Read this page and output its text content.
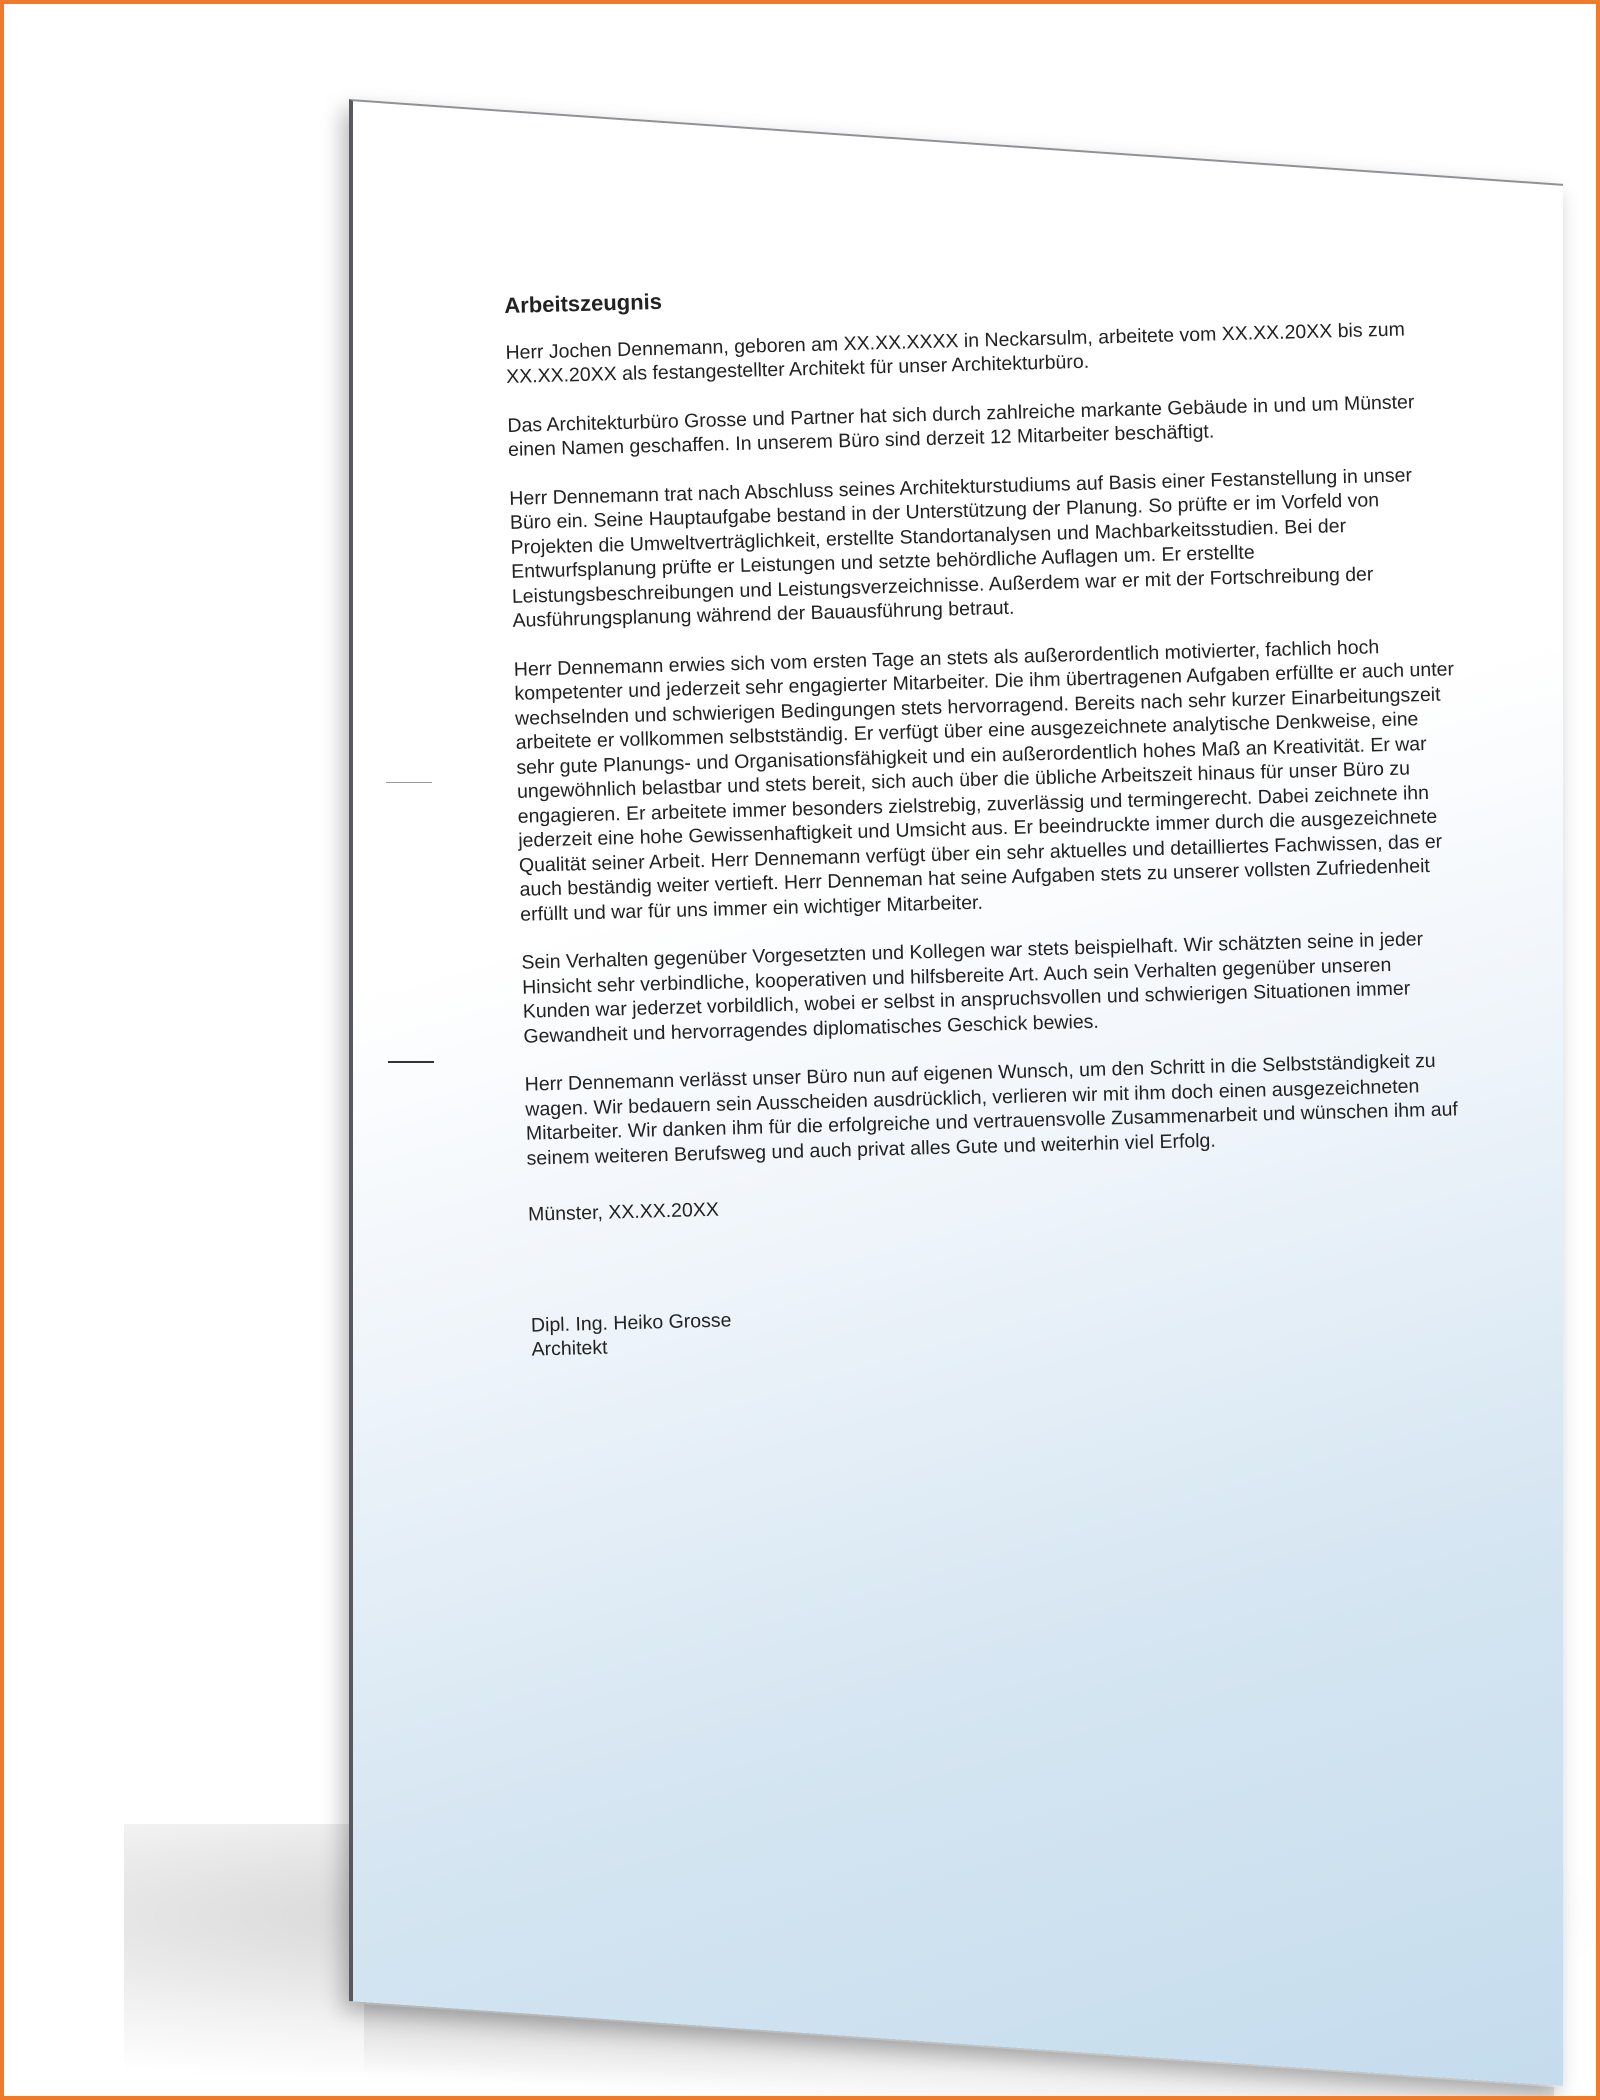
Arbeitszeugnis

Herr Jochen Dennemann, geboren am XX.XX.XXXX in Neckarsulm, arbeitete vom XX.XX.20XX bis zum XX.XX.20XX als festangestellter Architekt für unser Architekturbüro.

Das Architekturbüro Grosse und Partner hat sich durch zahlreiche markante Gebäude in und um Münster einen Namen geschaffen. In unserem Büro sind derzeit 12 Mitarbeiter beschäftigt.

Herr Dennemann trat nach Abschluss seines Architekturstudiums auf Basis einer Festanstellung in unser Büro ein. Seine Hauptaufgabe bestand in der Unterstützung der Planung. So prüfte er im Vorfeld von Projekten die Umweltverträglichkeit, erstellte Standortanalysen und Machbarkeitsstudien. Bei der Entwurfsplanung prüfte er Leistungen und setzte behördliche Auflagen um. Er erstellte Leistungsbeschreibungen und Leistungsverzeichnisse. Außerdem war er mit der Fortschreibung der Ausführungsplanung während der Bauausführung betraut.

Herr Dennemann erwies sich vom ersten Tage an stets als außerordentlich motivierter, fachlich hoch kompetenter und jederzeit sehr engagierter Mitarbeiter. Die ihm übertragenen Aufgaben erfüllte er auch unter wechselnden und schwierigen Bedingungen stets hervorragend. Bereits nach sehr kurzer Einarbeitungszeit arbeitete er vollkommen selbstständig. Er verfügt über eine ausgezeichnete analytische Denkweise, eine sehr gute Planungs- und Organisationsfähigkeit und ein außerordentlich hohes Maß an Kreativität. Er war ungewöhnlich belastbar und stets bereit, sich auch über die übliche Arbeitszeit hinaus für unser Büro zu engagieren. Er arbeitete immer besonders zielstrebig, zuverlässig und termingerecht. Dabei zeichnete ihn jederzeit eine hohe Gewissenhaftigkeit und Umsicht aus. Er beeindruckte immer durch die ausgezeichnete Qualität seiner Arbeit. Herr Dennemann verfügt über ein sehr aktuelles und detailliertes Fachwissen, das er auch beständig weiter vertieft. Herr Denneman hat seine Aufgaben stets zu unserer vollsten Zufriedenheit erfüllt und war für uns immer ein wichtiger Mitarbeiter.

Sein Verhalten gegenüber Vorgesetzten und Kollegen war stets beispielhaft. Wir schätzten seine in jeder Hinsicht sehr verbindliche, kooperativen und hilfsbereite Art. Auch sein Verhalten gegenüber unseren Kunden war jederzet vorbildlich, wobei er selbst in anspruchsvollen und schwierigen Situationen immer Gewandheit und hervorragendes diplomatisches Geschick bewies.

Herr Dennemann verlässt unser Büro nun auf eigenen Wunsch, um den Schritt in die Selbstständigkeit zu wagen. Wir bedauern sein Ausscheiden ausdrücklich, verlieren wir mit ihm doch einen ausgezeichneten Mitarbeiter. Wir danken ihm für die erfolgreiche und vertrauensvolle Zusammenarbeit und wünschen ihm auf seinem weiteren Berufsweg und auch privat alles Gute und weiterhin viel Erfolg.

Münster, XX.XX.20XX
Dipl. Ing. Heiko Grosse
Architekt
